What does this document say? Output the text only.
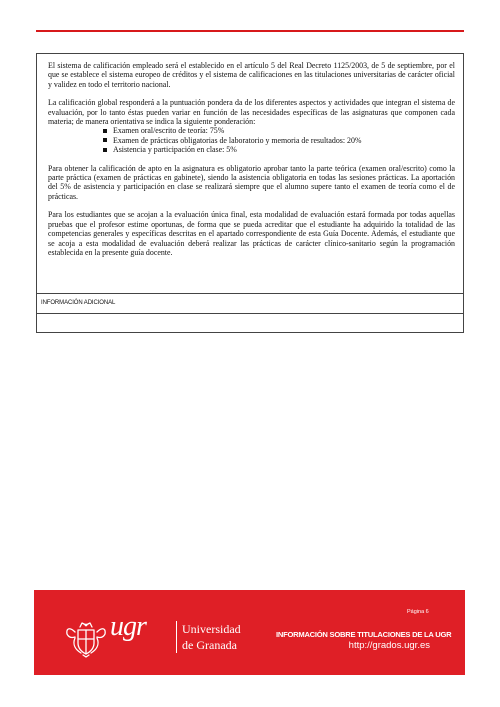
El sistema de calificación empleado será el establecido en el artículo 5 del Real Decreto 1125/2003, de 5 de septiembre, por el que se establece el sistema europeo de créditos y el sistema de calificaciones en las titulaciones universitarias de carácter oficial y validez en todo el territorio nacional.

La calificación global responderá a la puntuación pondera da de los diferentes aspectos y actividades que integran el sistema de evaluación, por lo tanto éstas pueden variar en función de las necesidades específicas de las asignaturas que componen cada materia; de manera orientativa se indica la siguiente ponderación:

Examen oral/escrito de teoría: 75%
Examen de prácticas obligatorias de laboratorio y memoria de resultados: 20%
Asistencia y participación en clase: 5%

Para obtener la calificación de apto en la asignatura es obligatorio aprobar tanto la parte teórica (examen oral/escrito) como la parte práctica (examen de prácticas en gabinete), siendo la asistencia obligatoria en todas las sesiones prácticas. La aportación del 5% de asistencia y participación en clase se realizará siempre que el alumno supere tanto el examen de teoría como el de prácticas.

Para los estudiantes que se acojan a la evaluación única final, esta modalidad de evaluación estará formada por todas aquellas pruebas que el profesor estime oportunas, de forma que se pueda acreditar que el estudiante ha adquirido la totalidad de las competencias generales y específicas descritas en el apartado correspondiente de esta Guía Docente. Además, el estudiante que se acoja a esta modalidad de evaluación deberá realizar las prácticas de carácter clínico-sanitario según la programación establecida en la presente guía docente.

INFORMACIÓN ADICIONAL
Página 6
ugr	Universidad
de Granada
INFORMACIÓN SOBRE TITULACIONES DE LA UGR
http://grados.ugr.es
